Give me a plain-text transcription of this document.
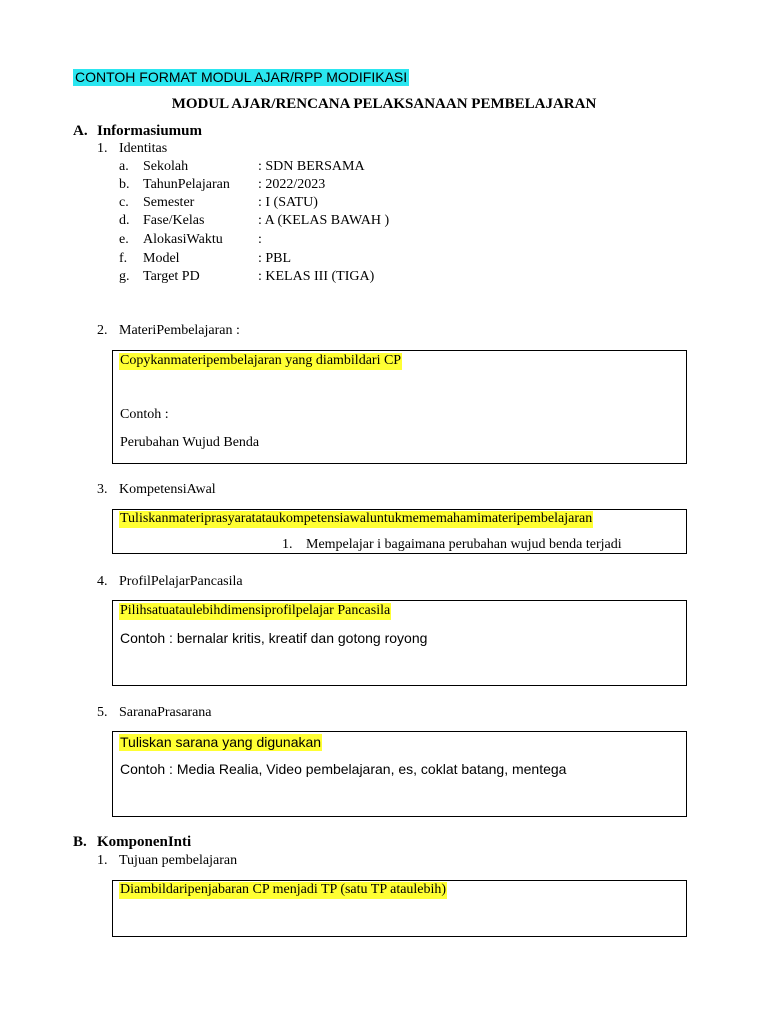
CONTOH FORMAT MODUL AJAR/RPP MODIFIKASI
MODUL AJAR/RENCANA PELAKSANAAN PEMBELAJARAN
A. Informasiumum
1. Identitas
a. Sekolah	: SDN BERSAMA
b. TahunPelajaran : 2022/2023
c. Semester	: I (SATU)
d. Fase/Kelas	: A (KELAS BAWAH )
e. AlokasiWaktu	:
f. Model	: PBL
g. Target PD	: KELAS III (TIGA)
2. MateriPembelajaran :
Copykanmateripembelajaran yang diambildari CP
Contoh :
Perubahan Wujud Benda
3. KompetensiAwal
Tuliskanmateriprasyaratataukompetensiawaluntukmememahamimateripembelajaran
1. Mempelajar i bagaimana perubahan wujud benda terjadi
4. ProfilPelajarPancasila
Pilihsatuataulebihdimensiprofilpelajar Pancasila
Contoh : bernalar kritis, kreatif dan gotong royong
5. SaranaPrasarana
Tuliskan sarana yang digunakan
Contoh : Media Realia, Video pembelajaran, es, coklat batang, mentega
B. KomponenInti
1. Tujuan pembelajaran
Diambildaripenjabaran CP menjadi TP (satu TP ataulebih)
